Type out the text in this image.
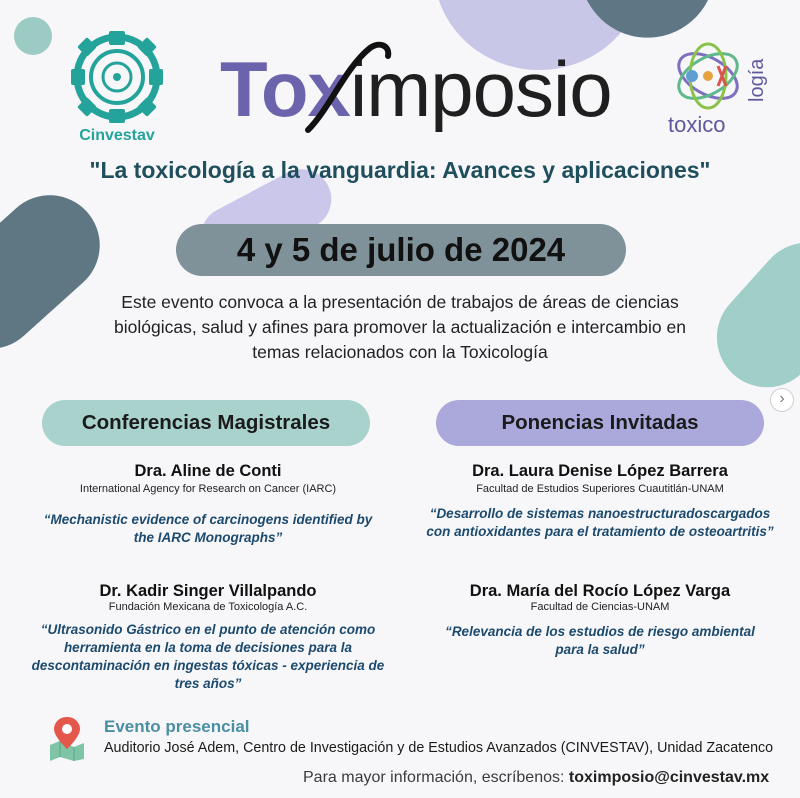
Cinvestav
Toximposio	toxico
logía
"La toxicología a la vanguardia: Avances y aplicaciones"
4 y 5 de julio de 2024
Este evento convoca a la presentación de trabajos de áreas de ciencias biológicas, salud y afines para promover la actualización e intercambio en temas relacionados con la Toxicología
›
Conferencias Magistrales	Ponencias Invitadas
Dra. Aline de Conti
International Agency for Research on Cancer (IARC)
“Mechanistic evidence of carcinogens identified by the IARC Monographs”
Dr. Kadir Singer Villalpando
Fundación Mexicana de Toxicología A.C.
“Ultrasonido Gástrico en el punto de atención como herramienta en la toma de decisiones para la descontaminación en ingestas tóxicas - experiencia de tres años”
Dra. Laura Denise López Barrera
Facultad de Estudios Superiores Cuautitlán-UNAM
“Desarrollo de sistemas nanoestructuradoscargados con antioxidantes para el tratamiento de osteoartritis”
Dra. María del Rocío López Varga
Facultad de Ciencias-UNAM
“Relevancia de los estudios de riesgo ambiental para la salud”
Evento presencial
Auditorio José Adem, Centro de Investigación y de Estudios Avanzados (CINVESTAV), Unidad Zacatenco
Para mayor información, escríbenos: toximposio@cinvestav.mx
